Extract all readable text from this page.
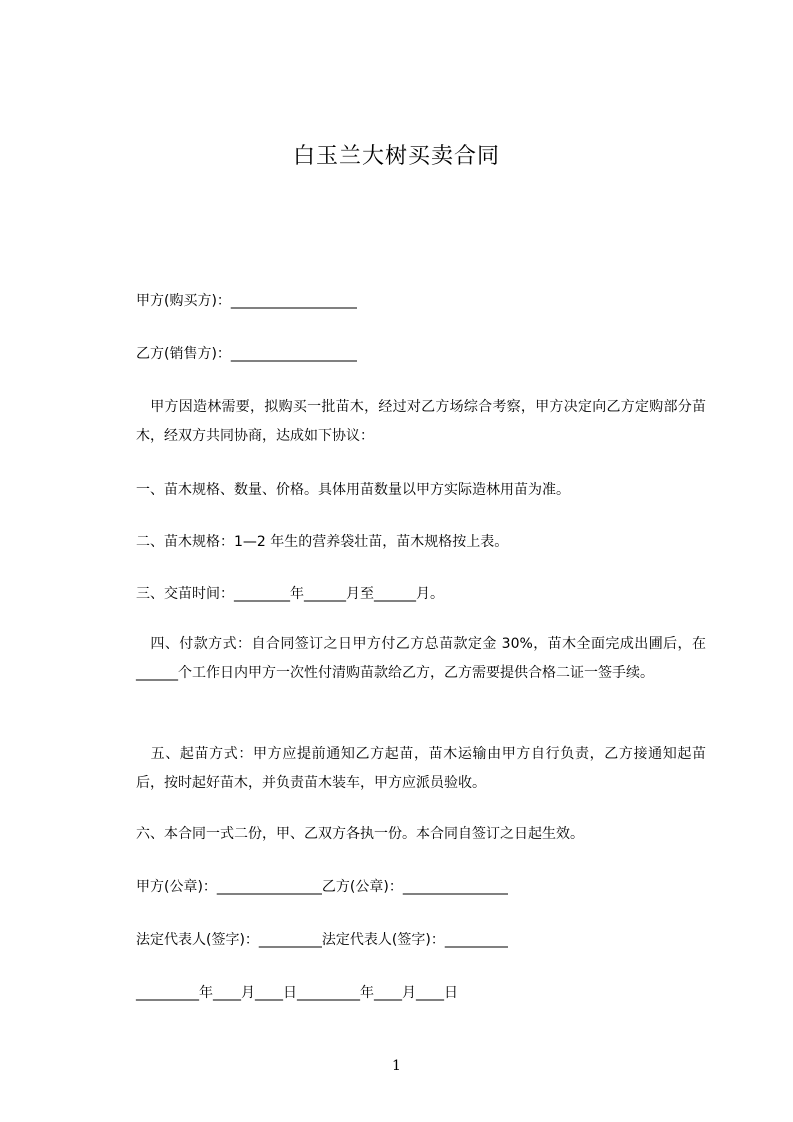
白玉兰大树买卖合同
甲方(购买方)：__________________
乙方(销售方)：__________________
　甲方因造林需要，拟购买一批苗木，经过对乙方场综合考察，甲方决定向乙方定购部分苗木，经双方共同协商，达成如下协议：
一、苗木规格、数量、价格。具体用苗数量以甲方实际造林用苗为准。
二、苗木规格：1—2 年生的营养袋壮苗，苗木规格按上表。
三、交苗时间：________年______月至______月。
　四、付款方式：自合同签订之日甲方付乙方总苗款定金 30%，苗木全面完成出圃后，在______个工作日内甲方一次性付清购苗款给乙方，乙方需要提供合格二证一签手续。
　五、起苗方式：甲方应提前通知乙方起苗，苗木运输由甲方自行负责，乙方接通知起苗后，按时起好苗木，并负责苗木装车，甲方应派员验收。
六、本合同一式二份，甲、乙双方各执一份。本合同自签订之日起生效。
甲方(公章)：_______________乙方(公章)：_______________
法定代表人(签字)：_________法定代表人(签字)：_________
_________年____月____日_________年____月____日
1
